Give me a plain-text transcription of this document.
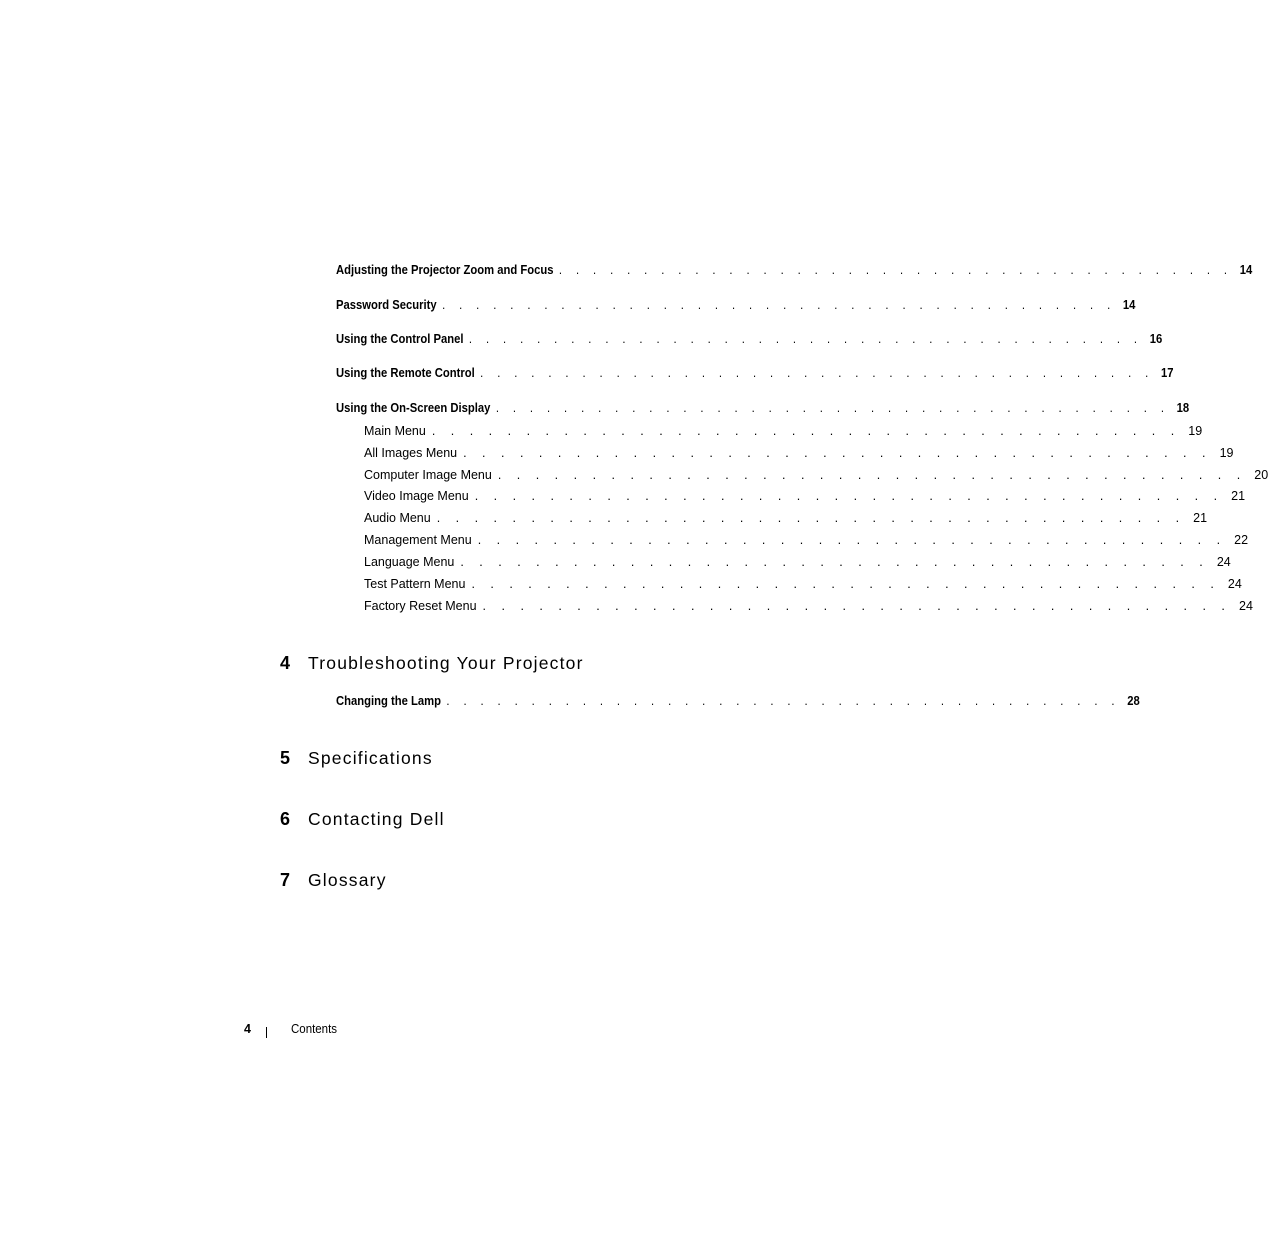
Adjusting the Projector Zoom and Focus . . . . . . . . . . . . . . . . . . . . . . . . . . . . . . . . . . . . . . . . 14
Password Security . . . . . . . . . . . . . . . . . . . . . . . . . . . . . . . . . . . . . . . . 14
Using the Control Panel . . . . . . . . . . . . . . . . . . . . . . . . . . . . . . . . . . . . . . . . 16
Using the Remote Control . . . . . . . . . . . . . . . . . . . . . . . . . . . . . . . . . . . . . . . . 17
Using the On-Screen Display . . . . . . . . . . . . . . . . . . . . . . . . . . . . . . . . . . . . . . . . 18
Main Menu . . . . . . . . . . . . . . . . . . . . . . . . . . . . . . . . . . . . . . . . 19
All Images Menu . . . . . . . . . . . . . . . . . . . . . . . . . . . . . . . . . . . . . . . . 19
Computer Image Menu . . . . . . . . . . . . . . . . . . . . . . . . . . . . . . . . . . . . . . . . 20
Video Image Menu . . . . . . . . . . . . . . . . . . . . . . . . . . . . . . . . . . . . . . . . 21
Audio Menu . . . . . . . . . . . . . . . . . . . . . . . . . . . . . . . . . . . . . . . . 21
Management Menu . . . . . . . . . . . . . . . . . . . . . . . . . . . . . . . . . . . . . . . . 22
Language Menu . . . . . . . . . . . . . . . . . . . . . . . . . . . . . . . . . . . . . . . . 24
Test Pattern Menu . . . . . . . . . . . . . . . . . . . . . . . . . . . . . . . . . . . . . . . . 24
Factory Reset Menu . . . . . . . . . . . . . . . . . . . . . . . . . . . . . . . . . . . . . . . . 24
4	Troubleshooting Your Projector
Changing the Lamp . . . . . . . . . . . . . . . . . . . . . . . . . . . . . . . . . . . . . . . . 28
5	Specifications
6	Contacting Dell
7	Glossary
4	Contents
